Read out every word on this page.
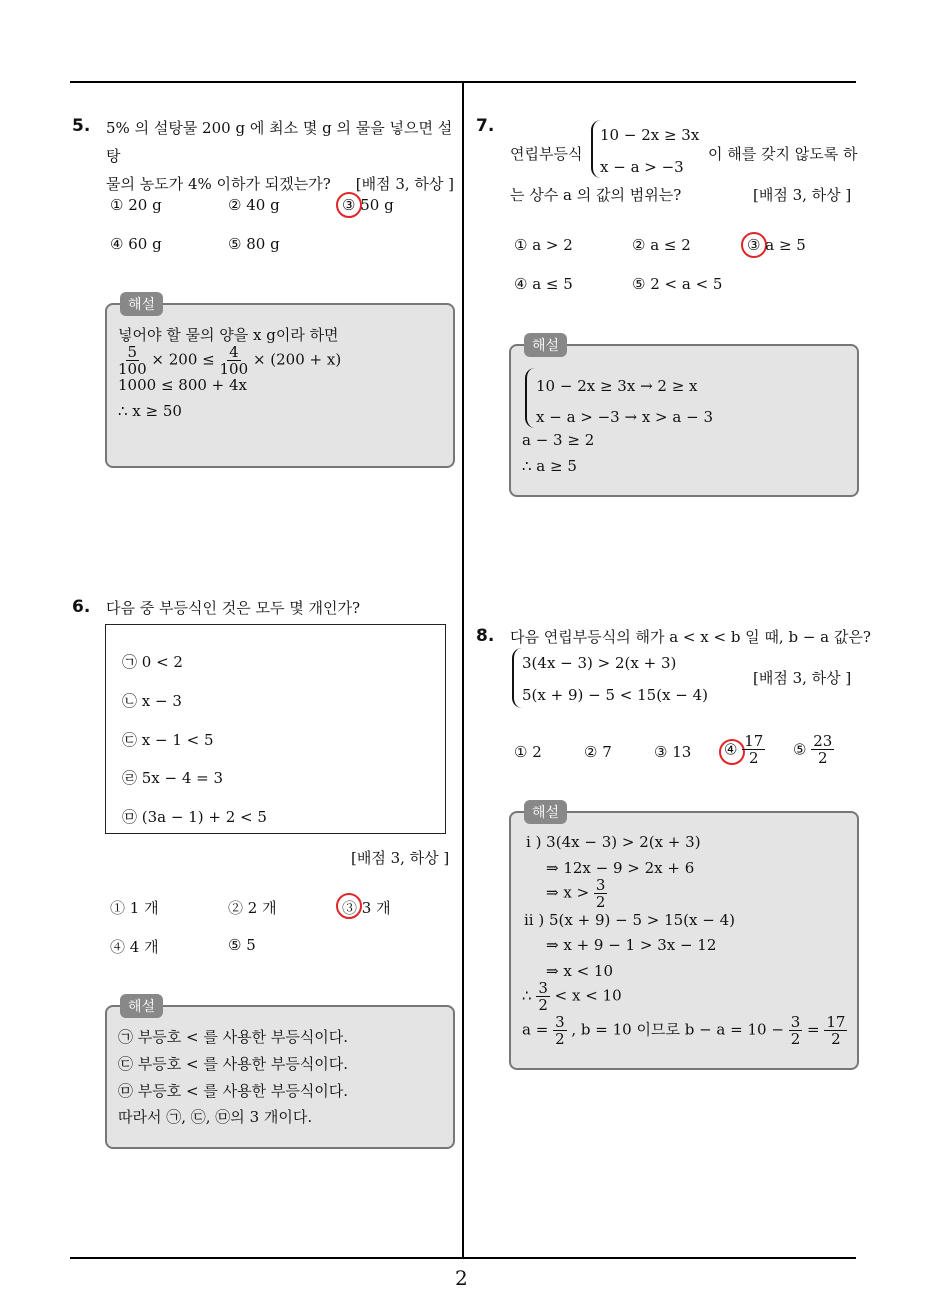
2
5. 5% 의 설탕물 200 g 에 최소 몇 g 의 물을 넣으면 설탕
물의 농도가 4% 이하가 되겠는가? [배점 3, 하상 ]
① 20 g	② 40 g	③ 50 g
④ 60 g	⑤ 80 g
해설
넣어야 할 물의 양을 x g이라 하면
$\frac{5}{100} \times 200 \le \frac{4}{100} \times (200 + x)$
1000 ≤ 800 + 4x
∴ x ≥ 50
6. 다음 중 부등식인 것은 모두 몇 개인가?
㉠ 0 < 2
㉡ x − 3
㉢ x − 1 < 5
㉣ 5x − 4 = 3
㉤ (3a − 1) + 2 < 5
[배점 3, 하상 ]
① 1 개	② 2 개	③ 3 개
④ 4 개	⑤ 5
해설
㉠ 부등호 < 를 사용한 부등식이다.
㉢ 부등호 < 를 사용한 부등식이다.
㉤ 부등호 < 를 사용한 부등식이다.
따라서 ㉠, ㉢, ㉤의 3 개이다.
7.
연립부등식
10 − 2x ≥ 3x
x − a > −3
이 해를 갖지 않도록 하
는 상수 a 의 값의 범위는?	[배점 3, 하상 ]
① a > 2	② a ≤ 2	③ a ≥ 5
④ a ≤ 5	⑤ 2 < a < 5
해설
10 − 2x ≥ 3x → 2 ≥ x
x − a > −3 → x > a − 3
a − 3 ≥ 2
∴ a ≥ 5
8. 다음 연립부등식의 해가 a < x < b 일 때, b − a 값은?
3(4x − 3) > 2(x + 3)
5(x + 9) − 5 < 15(x − 4)
[배점 3, 하상 ]
① 2	② 7	③ 13 ④ $\frac{17}{2}$ ⑤ $\frac{23}{2}$
해설
i ) 3(4x − 3) > 2(x + 3)
⇒ 12x − 9 > 2x + 6
⇒ $x > \frac{3}{2}$
ii ) 5(x + 9) − 5 > 15(x − 4)
⇒ x + 9 − 1 > 3x − 12
⇒ x < 10
∴ $\frac{3}{2} < x < 10$
$a = \frac{3}{2}$ , b = 10 이므로 $b - a = 10 - \frac{3}{2} = \frac{17}{2}$
